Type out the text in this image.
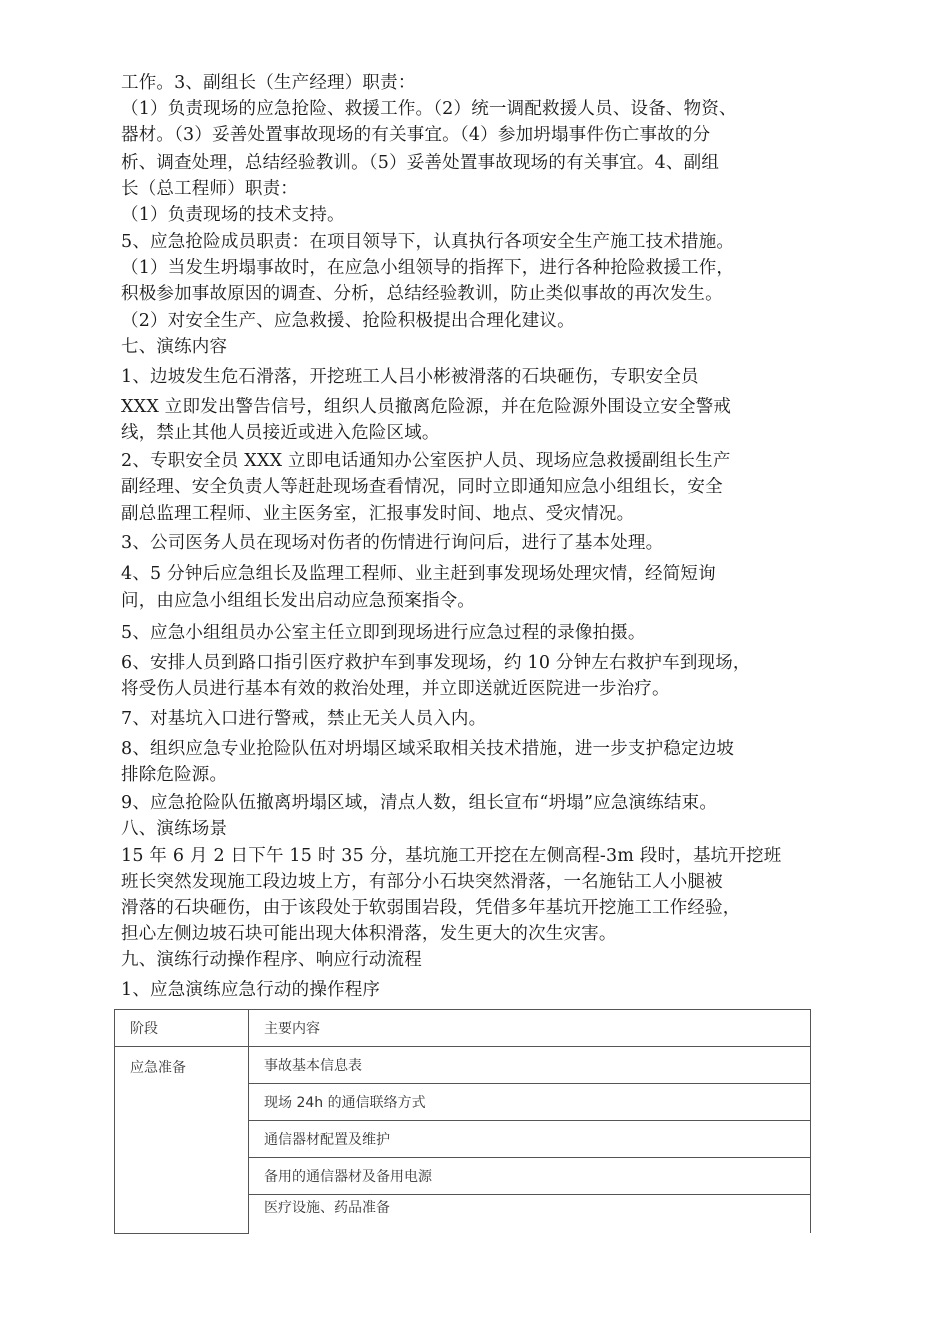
工作。3、副组长（生产经理）职责：
（1）负责现场的应急抢险、救援工作。（2）统一调配救援人员、设备、物资、
器材。（3）妥善处置事故现场的有关事宜。（4）参加坍塌事件伤亡事故的分
析、调查处理，总结经验教训。（5）妥善处置事故现场的有关事宜。4、副组
长（总工程师）职责：
（1）负责现场的技术支持。
5、应急抢险成员职责：在项目领导下，认真执行各项安全生产施工技术措施。
（1）当发生坍塌事故时，在应急小组领导的指挥下，进行各种抢险救援工作，
积极参加事故原因的调查、分析，总结经验教训，防止类似事故的再次发生。
（2）对安全生产、应急救援、抢险积极提出合理化建议。
七、演练内容
1、边坡发生危石滑落，开挖班工人吕小彬被滑落的石块砸伤，专职安全员
XXX 立即发出警告信号，组织人员撤离危险源，并在危险源外围设立安全警戒
线，禁止其他人员接近或进入危险区域。
2、专职安全员 XXX 立即电话通知办公室医护人员、现场应急救援副组长生产
副经理、安全负责人等赶赴现场查看情况，同时立即通知应急小组组长，安全
副总监理工程师、业主医务室，汇报事发时间、地点、受灾情况。
3、公司医务人员在现场对伤者的伤情进行询问后，进行了基本处理。
4、5 分钟后应急组长及监理工程师、业主赶到事发现场处理灾情，经简短询
问，由应急小组组长发出启动应急预案指令。
5、应急小组组员办公室主任立即到现场进行应急过程的录像拍摄。
6、安排人员到路口指引医疗救护车到事发现场，约 10 分钟左右救护车到现场，
将受伤人员进行基本有效的救治处理，并立即送就近医院进一步治疗。
7、对基坑入口进行警戒，禁止无关人员入内。
8、组织应急专业抢险队伍对坍塌区域采取相关技术措施，进一步支护稳定边坡
排除危险源。
9、应急抢险队伍撤离坍塌区域，清点人数，组长宣布“坍塌”应急演练结束。
八、演练场景
15 年 6 月 2 日下午 15 时 35 分，基坑施工开挖在左侧高程-3m 段时，基坑开挖班
班长突然发现施工段边坡上方，有部分小石块突然滑落，一名施钻工人小腿被
滑落的石块砸伤，由于该段处于软弱围岩段，凭借多年基坑开挖施工工作经验，
担心左侧边坡石块可能出现大体积滑落，发生更大的次生灾害。
九、演练行动操作程序、响应行动流程
1、应急演练应急行动的操作程序
阶段	主要内容
应急准备	事故基本信息表
	现场 24h 的通信联络方式
	通信器材配置及维护
	备用的通信器材及备用电源
	医疗设施、药品准备
